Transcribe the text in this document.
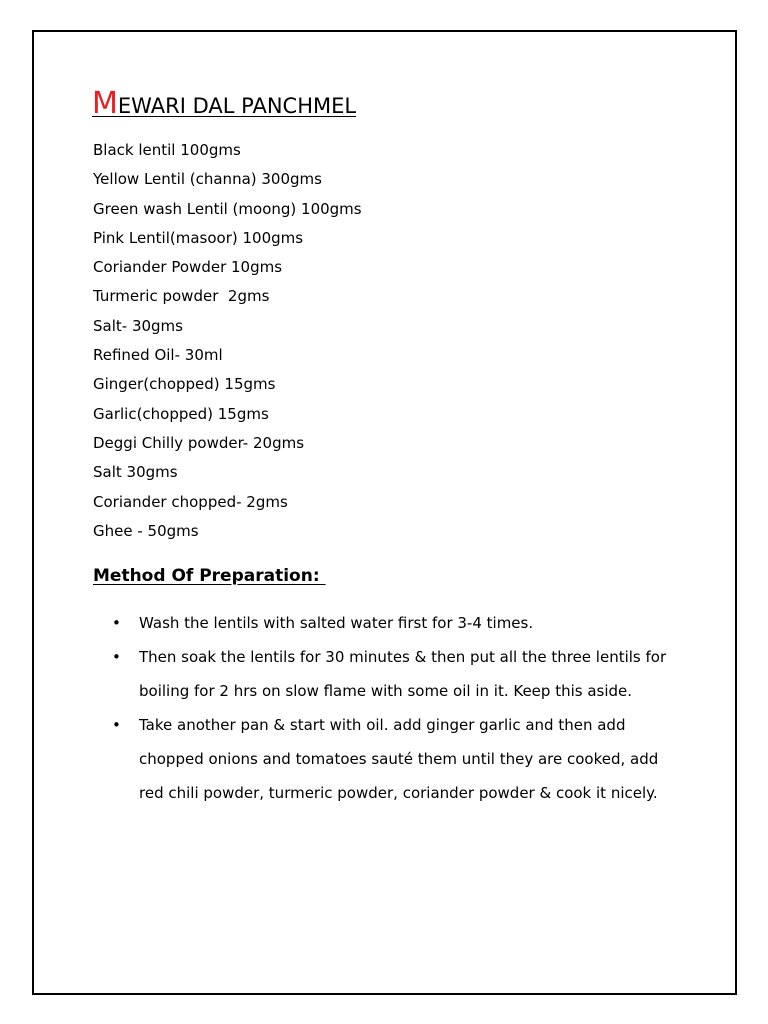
MEWARI DAL PANCHMEL
Black lentil 100gms
Yellow Lentil (channa) 300gms
Green wash Lentil (moong) 100gms
Pink Lentil(masoor) 100gms
Coriander Powder 10gms
Turmeric powder  2gms
Salt- 30gms
Refined Oil- 30ml
Ginger(chopped) 15gms
Garlic(chopped) 15gms
Deggi Chilly powder- 20gms
Salt 30gms
Coriander chopped- 2gms
Ghee - 50gms
Method Of Preparation:
• Wash the lentils with salted water first for 3-4 times.
• Then soak the lentils for 30 minutes & then put all the three lentils for boiling for 2 hrs on slow flame with some oil in it. Keep this aside.
• Take another pan & start with oil. add ginger garlic and then add chopped onions and tomatoes sauté them until they are cooked, add red chili powder, turmeric powder, coriander powder & cook it nicely.
